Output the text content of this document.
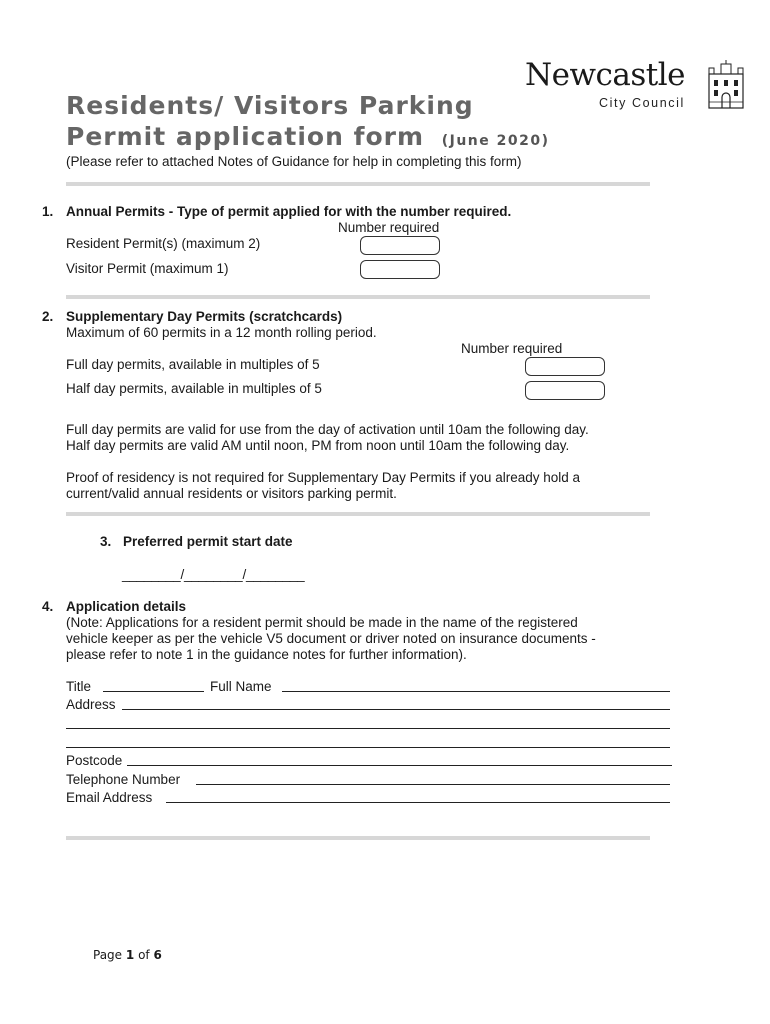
Newcastle
City Council
Residents/ Visitors Parking
Permit application form (June 2020)
(Please refer to attached Notes of Guidance for help in completing this form)
1. Annual Permits - Type of permit applied for with the number required.
Number required
Resident Permit(s) (maximum 2)
Visitor Permit (maximum 1)
2. Supplementary Day Permits (scratchcards)
Maximum of 60 permits in a 12 month rolling period.
Number required
Full day permits, available in multiples of 5
Half day permits, available in multiples of 5
Full day permits are valid for use from the day of activation until 10am the following day.
Half day permits are valid AM until noon, PM from noon until 10am the following day.
Proof of residency is not required for Supplementary Day Permits if you already hold a
current/valid annual residents or visitors parking permit.
3. Preferred permit start date
________/________/________
4. Application details
(Note: Applications for a resident permit should be made in the name of the registered
vehicle keeper as per the vehicle V5 document or driver noted on insurance documents -
please refer to note 1 in the guidance notes for further information).
Title	Full Name
Address
Postcode
Telephone Number
Email Address
Page 1 of 6
